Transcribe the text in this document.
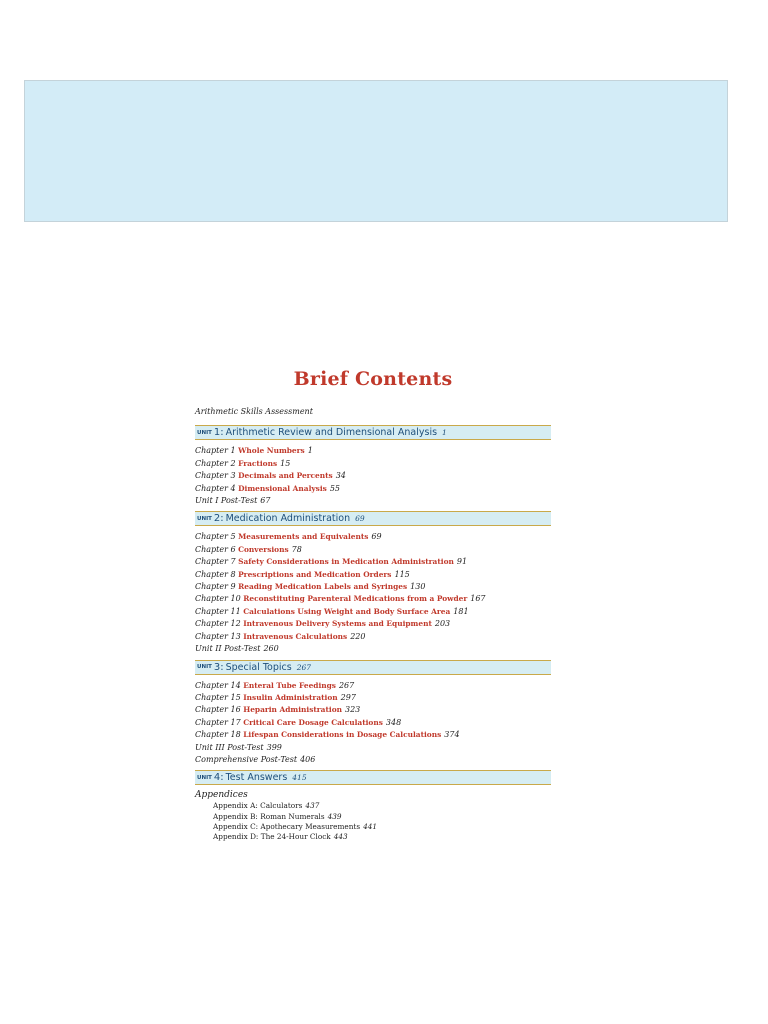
Brief Contents
Arithmetic Skills Assessment
UNIT 1: Arithmetic Review and Dimensional Analysis 1
Chapter 1 Whole Numbers 1
Chapter 2 Fractions 15
Chapter 3 Decimals and Percents 34
Chapter 4 Dimensional Analysis 55
Unit I Post-Test 67
UNIT 2: Medication Administration 69
Chapter 5 Measurements and Equivalents 69
Chapter 6 Conversions 78
Chapter 7 Safety Considerations in Medication Administration 91
Chapter 8 Prescriptions and Medication Orders 115
Chapter 9 Reading Medication Labels and Syringes 130
Chapter 10 Reconstituting Parenteral Medications from a Powder 167
Chapter 11 Calculations Using Weight and Body Surface Area 181
Chapter 12 Intravenous Delivery Systems and Equipment 203
Chapter 13 Intravenous Calculations 220
Unit II Post-Test 260
UNIT 3: Special Topics 267
Chapter 14 Enteral Tube Feedings 267
Chapter 15 Insulin Administration 297
Chapter 16 Heparin Administration 323
Chapter 17 Critical Care Dosage Calculations 348
Chapter 18 Lifespan Considerations in Dosage Calculations 374
Unit III Post-Test 399
Comprehensive Post-Test 406
UNIT 4: Test Answers 415
Appendices
Appendix A: Calculators 437
Appendix B: Roman Numerals 439
Appendix C: Apothecary Measurements 441
Appendix D: The 24-Hour Clock 443
